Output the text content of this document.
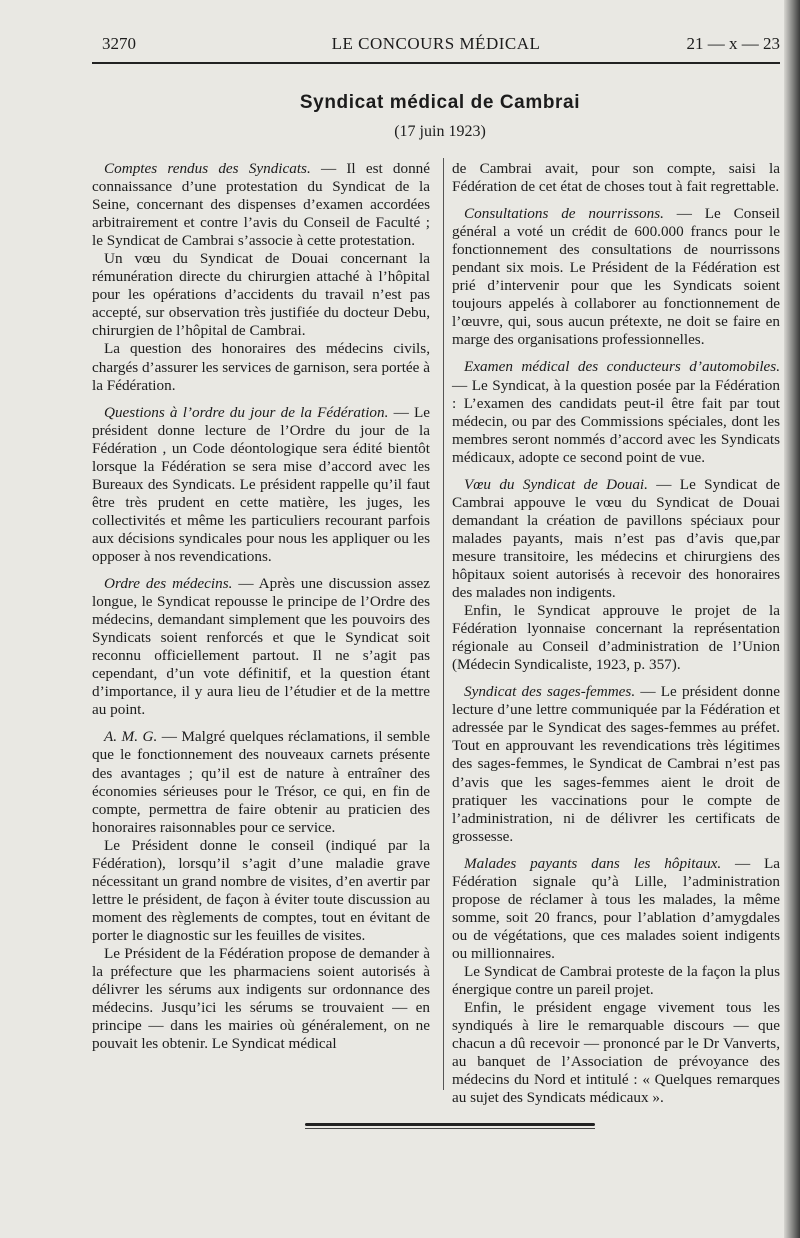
3270	LE CONCOURS MÉDICAL	21 — x — 23
Syndicat médical de Cambrai
(17 juin 1923)

Comptes rendus des Syndicats. — Il est donné connaissance d’une protestation du Syndicat de la Seine, concernant des dispenses d’examen accordées arbitrairement et contre l’avis du Conseil de Faculté ; le Syndicat de Cambrai s’associe à cette protestation.

Un vœu du Syndicat de Douai concernant la rémunération directe du chirurgien attaché à l’hôpital pour les opérations d’accidents du travail n’est pas accepté, sur observation très justifiée du docteur Debu, chirurgien de l’hôpital de Cambrai.

La question des honoraires des médecins civils, chargés d’assurer les services de garnison, sera portée à la Fédération.

Questions à l’ordre du jour de la Fédération. — Le président donne lecture de l’Ordre du jour de la Fédération , un Code déontologique sera édité bientôt lorsque la Fédération se sera mise d’accord avec les Bureaux des Syndicats. Le président rappelle qu’il faut être très prudent en cette matière, les juges, les collectivités et même les particuliers recourant parfois aux décisions syndicales pour nous les appliquer ou les opposer à nos revendications.

Ordre des médecins. — Après une discussion assez longue, le Syndicat repousse le principe de l’Ordre des médecins, demandant simplement que les pouvoirs des Syndicats soient renforcés et que le Syndicat soit reconnu officiellement partout. Il ne s’agit pas cependant, d’un vote définitif, et la question étant d’importance, il y aura lieu de l’étudier et de la mettre au point.

A. M. G. — Malgré quelques réclamations, il semble que le fonctionnement des nouveaux carnets présente des avantages ; qu’il est de nature à entraîner des économies sérieuses pour le Trésor, ce qui, en fin de compte, permettra de faire obtenir au praticien des honoraires raisonnables pour ce service.

Le Président donne le conseil (indiqué par la Fédération), lorsqu’il s’agit d’une maladie grave nécessitant un grand nombre de visites, d’en avertir par lettre le président, de façon à éviter toute discussion au moment des règlements de comptes, tout en évitant de porter le diagnostic sur les feuilles de visites.

Le Président de la Fédération propose de demander à la préfecture que les pharmaciens soient autorisés à délivrer les sérums aux indigents sur ordonnance des médecins. Jusqu’ici les sérums se trouvaient — en principe — dans les mairies où généralement, on ne pouvait les obtenir. Le Syndicat médical

de Cambrai avait, pour son compte, saisi la Fédération de cet état de choses tout à fait regrettable.

Consultations de nourrissons. — Le Conseil général a voté un crédit de 600.000 francs pour le fonctionnement des consultations de nourrissons pendant six mois. Le Président de la Fédération est prié d’intervenir pour que les Syndicats soient toujours appelés à collaborer au fonctionnement de l’œuvre, qui, sous aucun prétexte, ne doit se faire en marge des organisations professionnelles.

Examen médical des conducteurs d’automobiles. — Le Syndicat, à la question posée par la Fédération : L’examen des candidats peut-il être fait par tout médecin, ou par des Commissions spéciales, dont les membres seront nommés d’accord avec les Syndicats médicaux, adopte ce second point de vue.

Vœu du Syndicat de Douai. — Le Syndicat de Cambrai appouve le vœu du Syndicat de Douai demandant la création de pavillons spéciaux pour malades payants, mais n’est pas d’avis que,par mesure transitoire, les médecins et chirurgiens des hôpitaux soient autorisés à recevoir des honoraires des malades non indigents.

Enfin, le Syndicat approuve le projet de la Fédération lyonnaise concernant la représentation régionale au Conseil d’administration de l’Union (Médecin Syndicaliste, 1923, p. 357).

Syndicat des sages-femmes. — Le président donne lecture d’une lettre communiquée par la Fédération et adressée par le Syndicat des sages-femmes au préfet. Tout en approuvant les revendications très légitimes des sages-femmes, le Syndicat de Cambrai n’est pas d’avis que les sages-femmes aient le droit de pratiquer les vaccinations pour le compte de l’administration, ni de délivrer les certificats de grossesse.

Malades payants dans les hôpitaux. — La Fédération signale qu’à Lille, l’administration propose de réclamer à tous les malades, la même somme, soit 20 francs, pour l’ablation d’amygdales ou de végétations, que ces malades soient indigents ou millionnaires.

Le Syndicat de Cambrai proteste de la façon la plus énergique contre un pareil projet.

Enfin, le président engage vivement tous les syndiqués à lire le remarquable discours — que chacun a dû recevoir — prononcé par le Dr Vanverts, au banquet de l’Association de prévoyance des médecins du Nord et intitulé : « Quelques remarques au sujet des Syndicats médicaux ».
